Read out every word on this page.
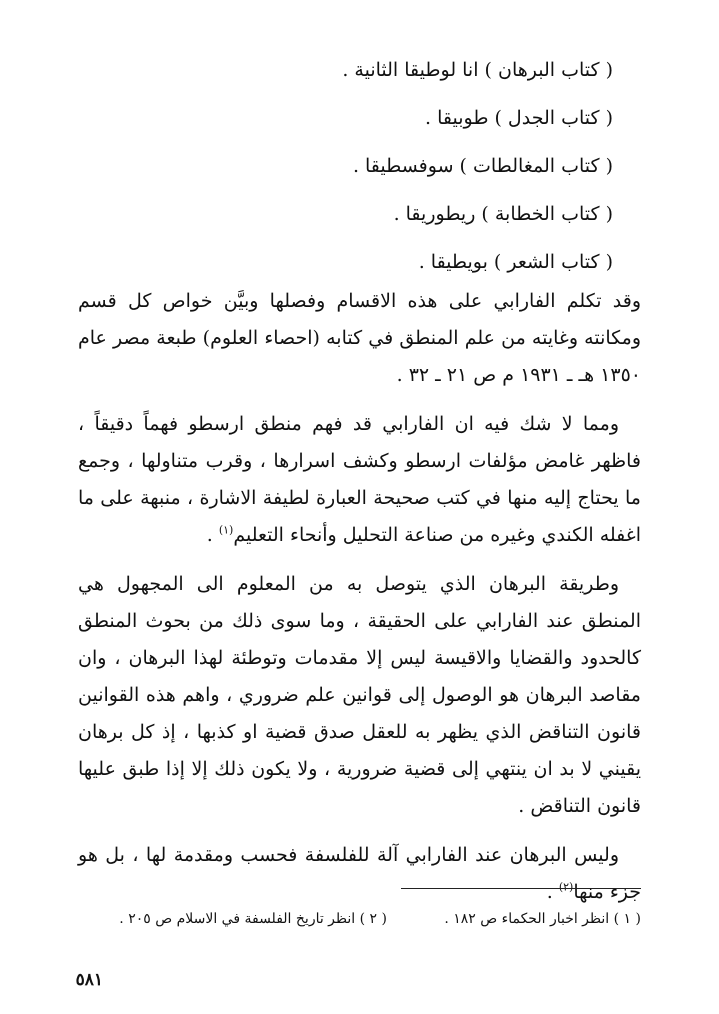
( كتاب البرهان ) انا لوطيقا الثانية .
( كتاب الجدل ) طوبيقا .
( كتاب المغالطات ) سوفسطيقا .
( كتاب الخطابة ) ريطوريقا .
( كتاب الشعر ) بويطيقا .

وقد تكلم الفارابي على هذه الاقسام وفصلها وبيَّن خواص كل قسم ومكانته وغايته من علم المنطق في كتابه (احصاء العلوم) طبعة مصر عام ١٣٥٠ هـ ـ ١٩٣١ م ص ٢١ ـ ٣٢ .

ومما لا شك فيه ان الفارابي قد فهم منطق ارسطو فهماً دقيقاً ، فاظهر غامض مؤلفات ارسطو وكشف اسرارها ، وقرب متناولها ، وجمع ما يحتاج إليه منها في كتب صحيحة العبارة لطيفة الاشارة ، منبهة على ما اغفله الكندي وغيره من صناعة التحليل وأنحاء التعليم$^{(١)}$ .

وطريقة البرهان الذي يتوصل به من المعلوم الى المجهول هي المنطق عند الفارابي على الحقيقة ، وما سوى ذلك من بحوث المنطق كالحدود والقضايا والاقيسة ليس إلا مقدمات وتوطئة لهذا البرهان ، وان مقاصد البرهان هو الوصول إلى قوانين علم ضروري ، واهم هذه القوانين قانون التناقض الذي يظهر به للعقل صدق قضية او كذبها ، إذ كل برهان يقيني لا بد ان ينتهي إلى قضية ضرورية ، ولا يكون ذلك إلا إذا طبق عليها قانون التناقض .

وليس البرهان عند الفارابي آلة للفلسفة فحسب ومقدمة لها ، بل هو جزء منها$^{(٢)}$ .

( ١ ) انظر اخبار الحكماء ص ١٨٢ .
( ٢ ) انظر تاريخ الفلسفة في الاسلام ص ٢٠٥ .
٥٨١
